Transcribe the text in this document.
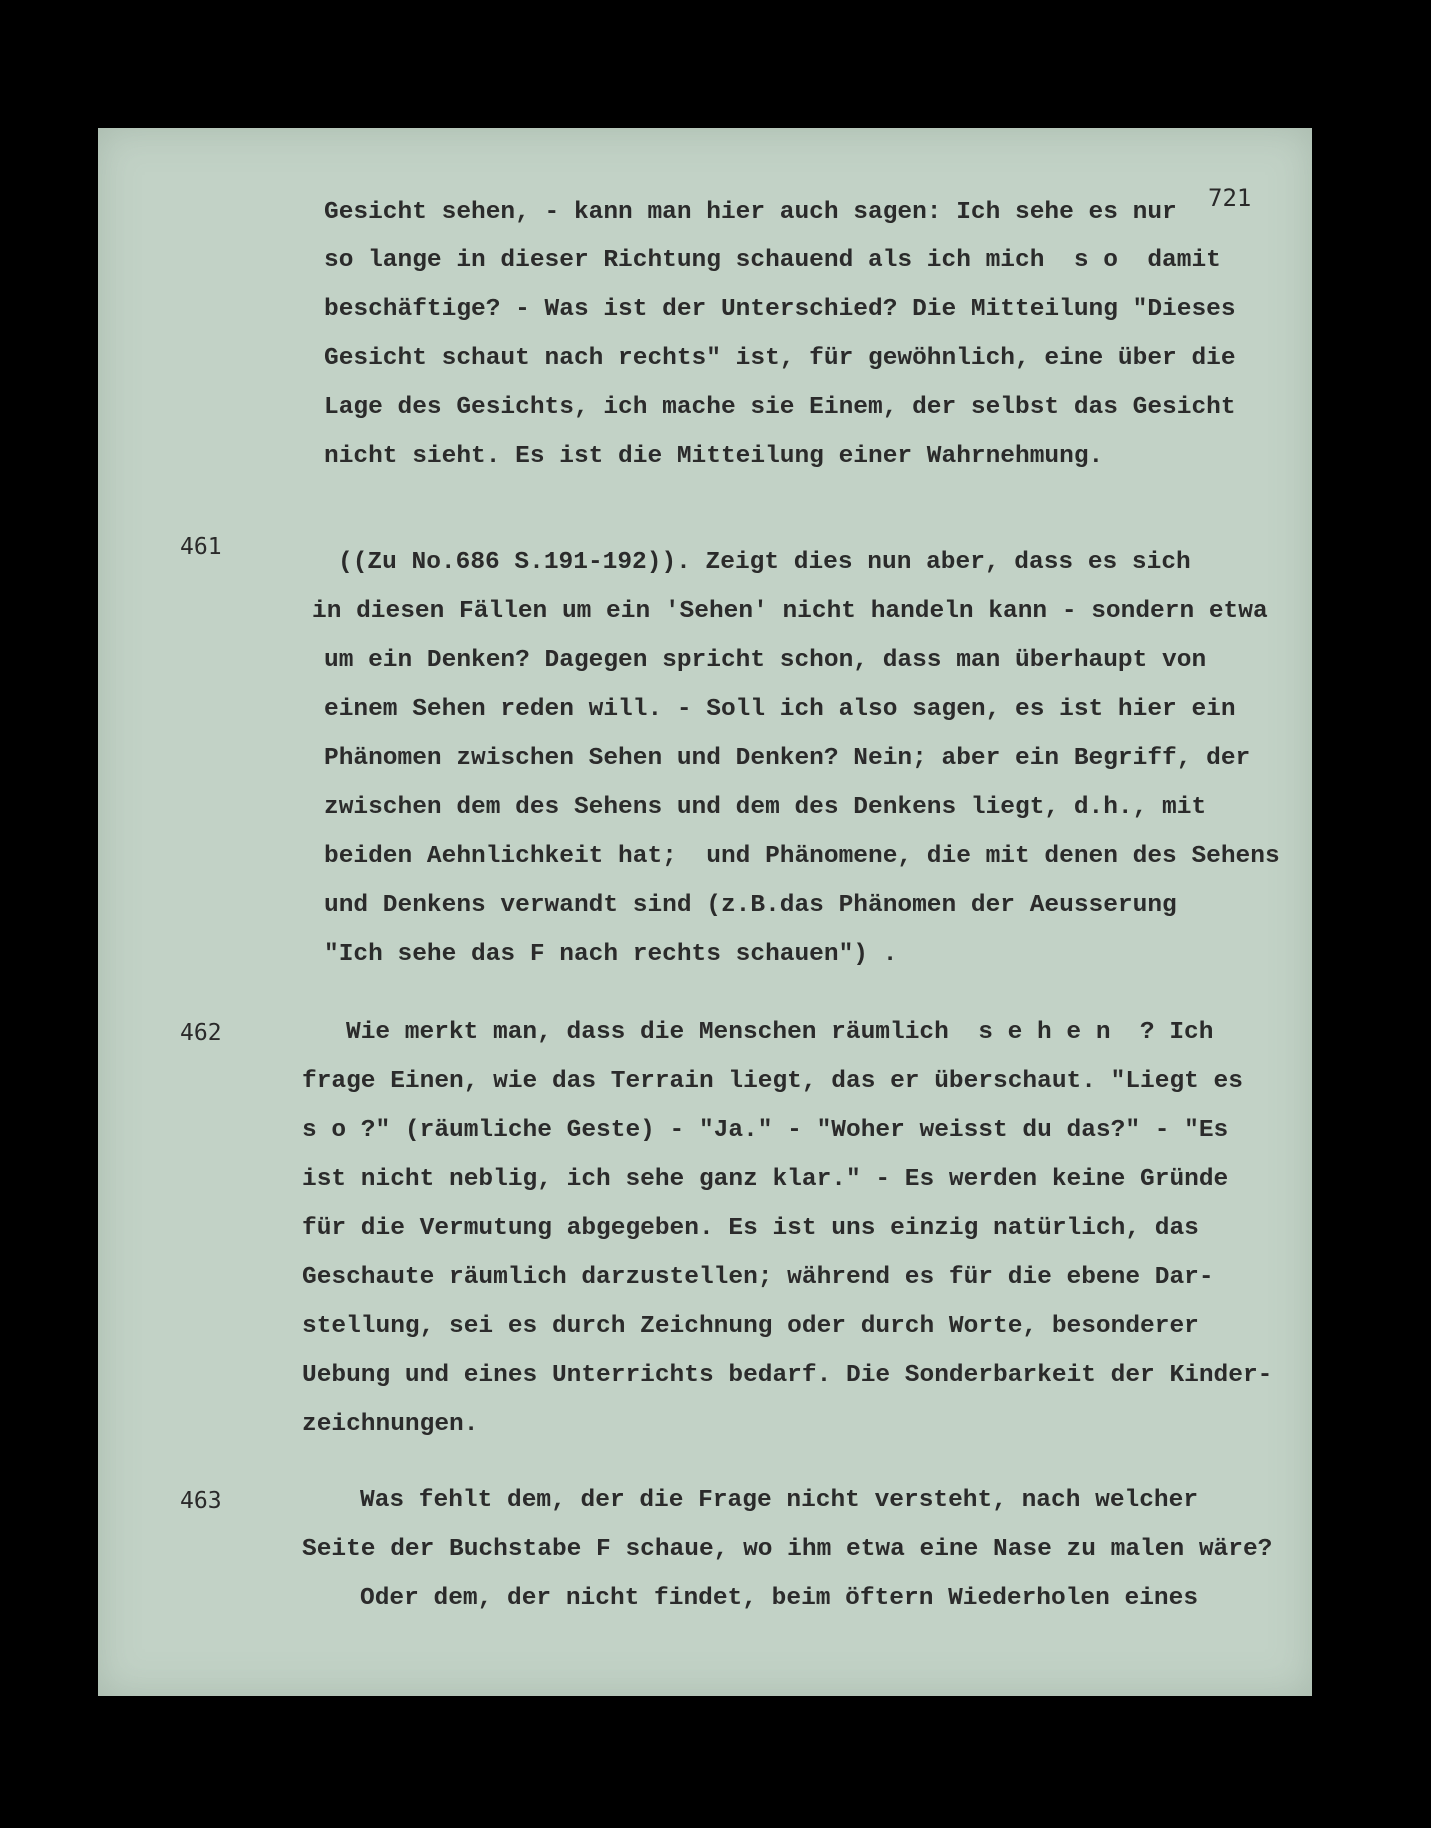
721
Gesicht sehen, - kann man hier auch sagen: Ich sehe es nur
so lange in dieser Richtung schauend als ich mich  s o  damit
beschäftige? - Was ist der Unterschied? Die Mitteilung "Dieses
Gesicht schaut nach rechts" ist, für gewöhnlich, eine über die
Lage des Gesichts, ich mache sie Einem, der selbst das Gesicht
nicht sieht. Es ist die Mitteilung einer Wahrnehmung.
461
((Zu No.686 S.191-192)). Zeigt dies nun aber, dass es sich
in diesen Fällen um ein 'Sehen' nicht handeln kann - sondern etwa
um ein Denken? Dagegen spricht schon, dass man überhaupt von
einem Sehen reden will. - Soll ich also sagen, es ist hier ein
Phänomen zwischen Sehen und Denken? Nein; aber ein Begriff, der
zwischen dem des Sehens und dem des Denkens liegt, d.h., mit
beiden Aehnlichkeit hat;  und Phänomene, die mit denen des Sehens
und Denkens verwandt sind (z.B.das Phänomen der Aeusserung
"Ich sehe das F nach rechts schauen") .
462	Wie merkt man, dass die Menschen räumlich  s e h e n  ? Ich
frage Einen, wie das Terrain liegt, das er überschaut. "Liegt es
s o ?" (räumliche Geste) - "Ja." - "Woher weisst du das?" - "Es
ist nicht neblig, ich sehe ganz klar." - Es werden keine Gründe
für die Vermutung abgegeben. Es ist uns einzig natürlich, das
Geschaute räumlich darzustellen; während es für die ebene Dar-
stellung, sei es durch Zeichnung oder durch Worte, besonderer
Uebung und eines Unterrichts bedarf. Die Sonderbarkeit der Kinder-
zeichnungen.
463	Was fehlt dem, der die Frage nicht versteht, nach welcher
Seite der Buchstabe F schaue, wo ihm etwa eine Nase zu malen wäre?
Oder dem, der nicht findet, beim öftern Wiederholen eines
